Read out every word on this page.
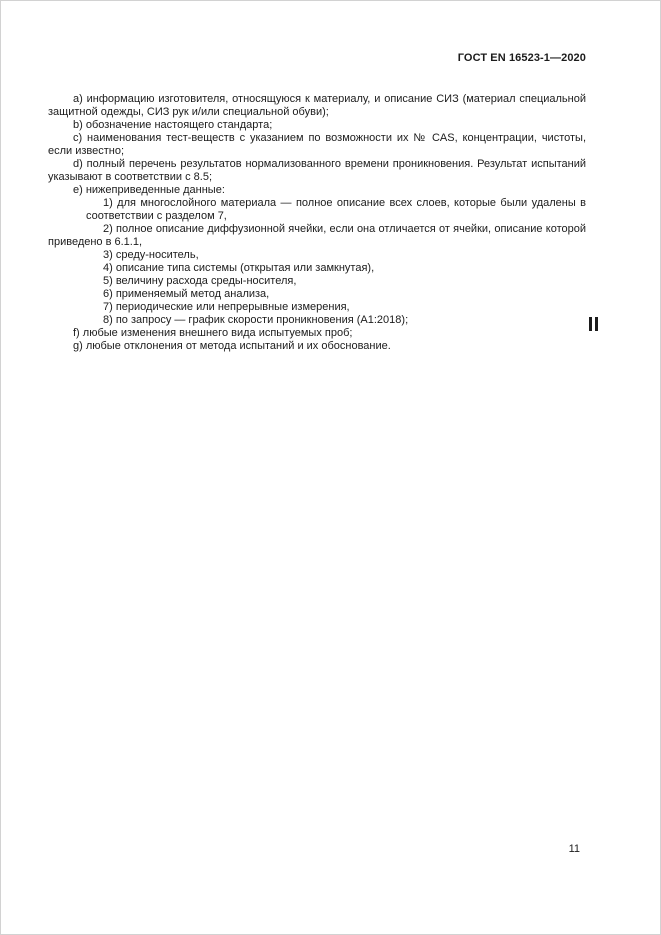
ГОСТ EN 16523-1—2020

a) информацию изготовителя, относящуюся к материалу, и описание СИЗ (материал специальной защитной одежды, СИЗ рук и/или специальной обуви);

b) обозначение настоящего стандарта;

c) наименования тест-веществ с указанием по возможности их № CAS, концентрации, чистоты, если известно;

d) полный перечень результатов нормализованного времени проникновения. Результат испытаний указывают в соответствии с 8.5;

e) нижеприведенные данные:

1) для многослойного материала — полное описание всех слоев, которые были удалены в соответствии с разделом 7,

2) полное описание диффузионной ячейки, если она отличается от ячейки, описание которой приведено в 6.1.1,

3) среду-носитель,

4) описание типа системы (открытая или замкнутая),

5) величину расхода среды-носителя,

6) применяемый метод анализа,

7) периодические или непрерывные измерения,

8) по запросу — график скорости проникновения (A1:2018);

f) любые изменения внешнего вида испытуемых проб;

g) любые отклонения от метода испытаний и их обоснование.

11
